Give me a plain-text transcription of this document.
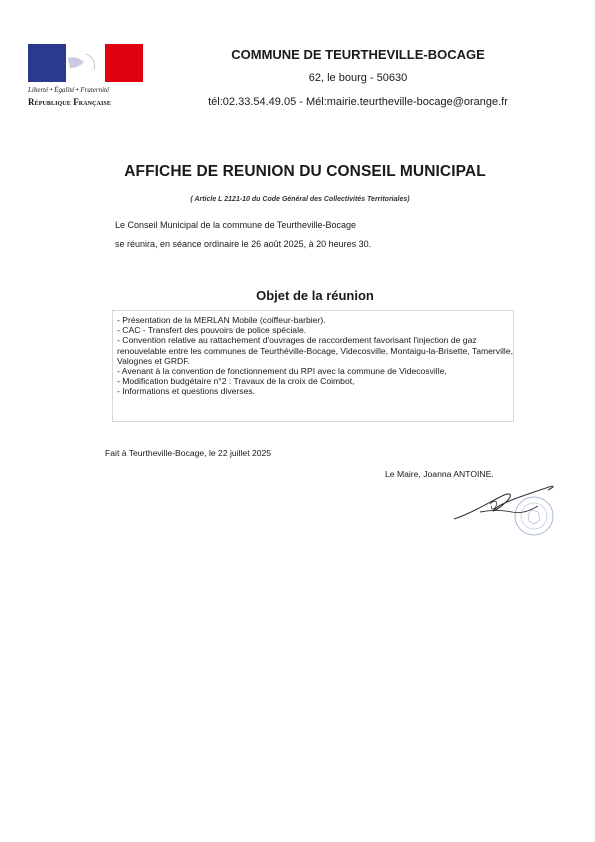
Liberté • Égalité • Fraternité
République Française
COMMUNE DE TEURTHEVILLE-BOCAGE
62, le bourg - 50630
tél:02.33.54.49.05 - Mél:mairie.teurtheville-bocage@orange.fr
AFFICHE DE REUNION DU CONSEIL MUNICIPAL
( Article L 2121-10 du Code Général des Collectivités Territoriales)
Le Conseil Municipal de la commune de Teurtheville-Bocage
se réunira, en séance ordinaire le 26 août 2025, à 20 heures 30.
Objet de la réunion
- Présentation de la MERLAN Mobile (coiffeur-barbier).
- CAC - Transfert des pouvoirs de police spéciale.
- Convention relative au rattachement d'ouvrages de raccordement favorisant l'injection de gaz renouvelable entre les communes de Teurthéville-Bocage, Videcosville, Montaigu-la-Brisette, Tamerville, Valognes et GRDF.
- Avenant à la convention de fonctionnement du RPI avec la commune de Videcosville,
- Modification budgétaire n°2 : Travaux de la croix de Coimbot,
- Informations et questions diverses.
Fait à Teurtheville-Bocage, le 22 juillet 2025
Le Maire, Joanna ANTOINE.
